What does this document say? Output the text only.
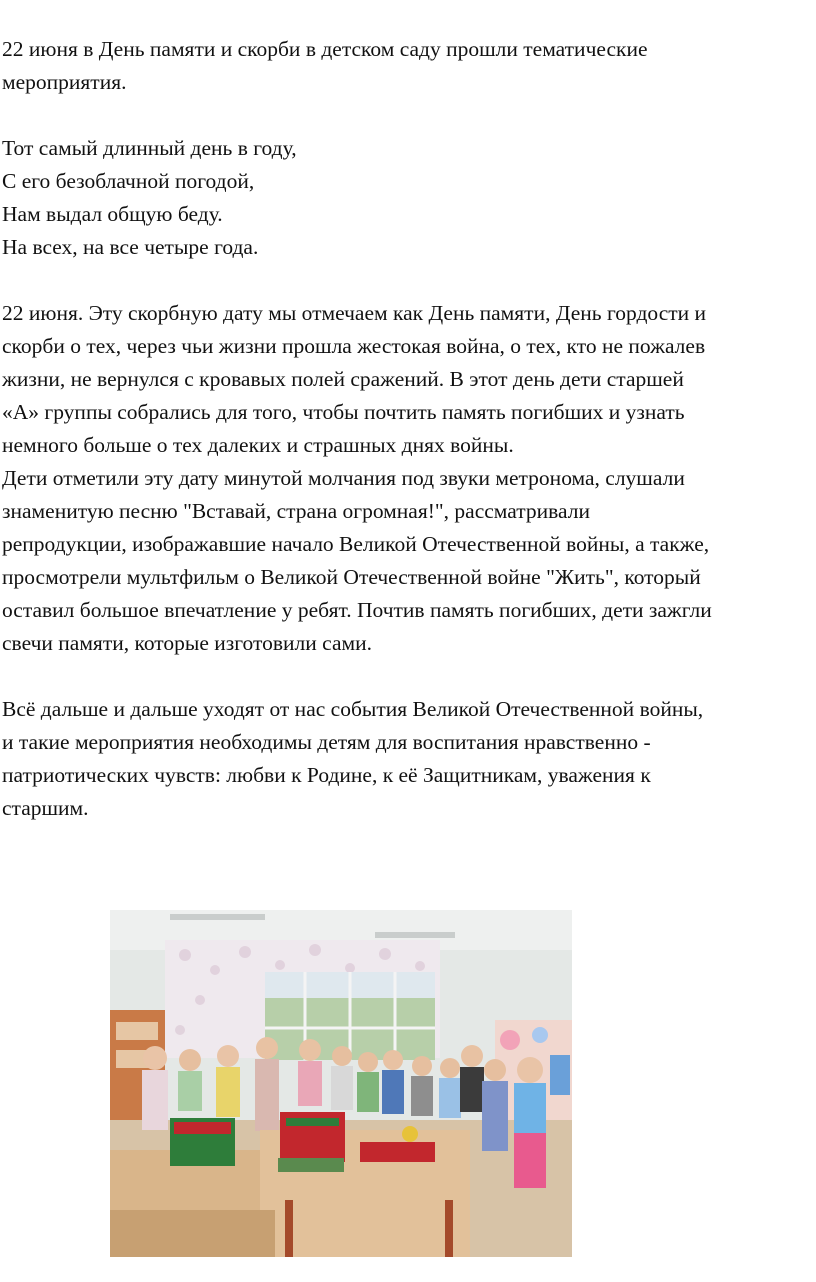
22 июня в День памяти и скорби в детском саду прошли тематические
мероприятия.

Тот самый длинный день в году,
С его безоблачной погодой,
Нам выдал общую беду.
На всех, на все четыре года.

22 июня. Эту скорбную дату мы отмечаем как День памяти, День гордости и
скорби о тех, через чьи жизни прошла жестокая война, о тех, кто не пожалев
жизни, не вернулся с кровавых полей сражений. В этот день дети старшей
«А» группы собрались для того, чтобы почтить память погибших и узнать
немного больше о тех далеких и страшных днях войны.
Дети отметили эту дату минутой молчания под звуки метронома, слушали
знаменитую песню "Вставай, страна огромная!", рассматривали
репродукции, изображавшие начало Великой Отечественной войны, а также,
просмотрели мультфильм о Великой Отечественной войне "Жить", который
оставил большое впечатление у ребят. Почтив память погибших, дети зажгли
свечи памяти, которые изготовили сами.

Всё дальше и дальше уходят от нас события Великой Отечественной войны,
и такие мероприятия необходимы детям для воспитания нравственно -
патриотических чувств: любви к Родине, к её Защитникам, уважения к
старшим.
